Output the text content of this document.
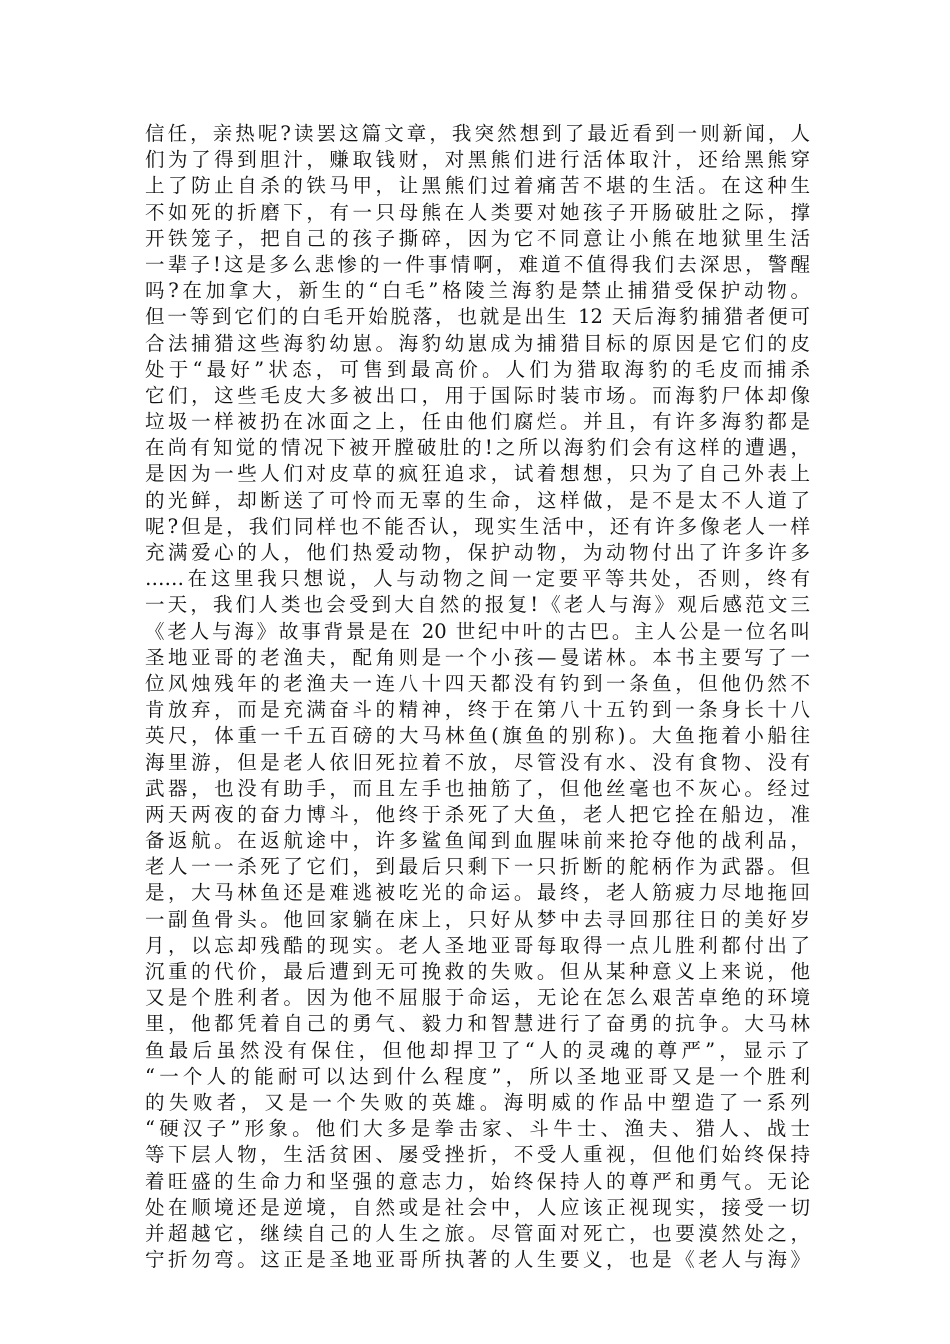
信任，亲热呢?读罢这篇文章，我突然想到了最近看到一则新闻，人
们为了得到胆汁，赚取钱财，对黑熊们进行活体取汁，还给黑熊穿
上了防止自杀的铁马甲，让黑熊们过着痛苦不堪的生活。在这种生
不如死的折磨下，有一只母熊在人类要对她孩子开肠破肚之际，撑
开铁笼子，把自己的孩子撕碎，因为它不同意让小熊在地狱里生活
一辈子!这是多么悲惨的一件事情啊，难道不值得我们去深思，警醒
吗?在加拿大，新生的“白毛”格陵兰海豹是禁止捕猎受保护动物。
但一等到它们的白毛开始脱落，也就是出生 12 天后海豹捕猎者便可
合法捕猎这些海豹幼崽。海豹幼崽成为捕猎目标的原因是它们的皮
处于“最好”状态，可售到最高价。人们为猎取海豹的毛皮而捕杀
它们，这些毛皮大多被出口，用于国际时装市场。而海豹尸体却像
垃圾一样被扔在冰面之上，任由他们腐烂。并且，有许多海豹都是
在尚有知觉的情况下被开膛破肚的!之所以海豹们会有这样的遭遇，
是因为一些人们对皮草的疯狂追求，试着想想，只为了自己外表上
的光鲜，却断送了可怜而无辜的生命，这样做，是不是太不人道了
呢?但是，我们同样也不能否认，现实生活中，还有许多像老人一样
充满爱心的人，他们热爱动物，保护动物，为动物付出了许多许多
……在这里我只想说，人与动物之间一定要平等共处，否则，终有
一天，我们人类也会受到大自然的报复!《老人与海》观后感范文三
《老人与海》故事背景是在 20 世纪中叶的古巴。主人公是一位名叫
圣地亚哥的老渔夫，配角则是一个小孩—曼诺林。本书主要写了一
位风烛残年的老渔夫一连八十四天都没有钓到一条鱼，但他仍然不
肯放弃，而是充满奋斗的精神，终于在第八十五钓到一条身长十八
英尺，体重一千五百磅的大马林鱼(旗鱼的别称)。大鱼拖着小船往
海里游，但是老人依旧死拉着不放，尽管没有水、没有食物、没有
武器，也没有助手，而且左手也抽筋了，但他丝毫也不灰心。经过
两天两夜的奋力博斗，他终于杀死了大鱼，老人把它拴在船边，准
备返航。在返航途中，许多鲨鱼闻到血腥味前来抢夺他的战利品，
老人一一杀死了它们，到最后只剩下一只折断的舵柄作为武器。但
是，大马林鱼还是难逃被吃光的命运。最终，老人筋疲力尽地拖回
一副鱼骨头。他回家躺在床上，只好从梦中去寻回那往日的美好岁
月，以忘却残酷的现实。老人圣地亚哥每取得一点儿胜利都付出了
沉重的代价，最后遭到无可挽救的失败。但从某种意义上来说，他
又是个胜利者。因为他不屈服于命运，无论在怎么艰苦卓绝的环境
里，他都凭着自己的勇气、毅力和智慧进行了奋勇的抗争。大马林
鱼最后虽然没有保住，但他却捍卫了“人的灵魂的尊严”，显示了
“一个人的能耐可以达到什么程度”，所以圣地亚哥又是一个胜利
的失败者，又是一个失败的英雄。海明威的作品中塑造了一系列
“硬汉子”形象。他们大多是拳击家、斗牛士、渔夫、猎人、战士
等下层人物，生活贫困、屡受挫折，不受人重视，但他们始终保持
着旺盛的生命力和坚强的意志力，始终保持人的尊严和勇气。无论
处在顺境还是逆境，自然或是社会中，人应该正视现实，接受一切
并超越它，继续自己的人生之旅。尽管面对死亡，也要漠然处之，
宁折勿弯。这正是圣地亚哥所执著的人生要义，也是《老人与海》
